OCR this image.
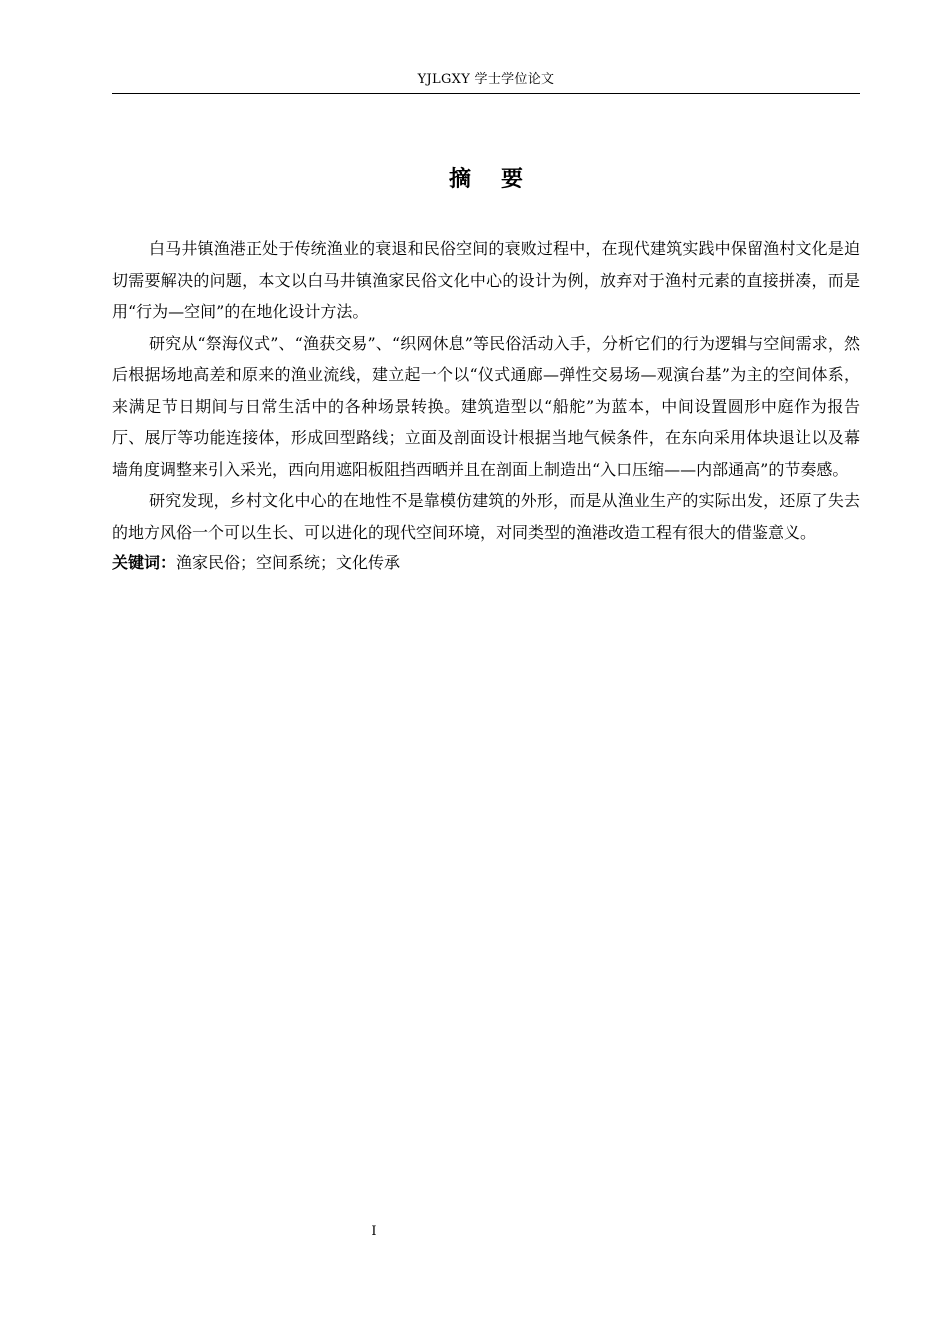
YJLGXY 学士学位论文
摘要

白马井镇渔港正处于传统渔业的衰退和民俗空间的衰败过程中，在现代建筑实践中保留渔村文化是迫切需要解决的问题，本文以白马井镇渔家民俗文化中心的设计为例，放弃对于渔村元素的直接拼凑，而是用“行为—空间”的在地化设计方法。

研究从“祭海仪式”、“渔获交易”、“织网休息”等民俗活动入手，分析它们的行为逻辑与空间需求，然后根据场地高差和原来的渔业流线，建立起一个以“仪式通廊—弹性交易场—观演台基”为主的空间体系，来满足节日期间与日常生活中的各种场景转换。建筑造型以“船舵”为蓝本，中间设置圆形中庭作为报告厅、展厅等功能连接体，形成回型路线；立面及剖面设计根据当地气候条件，在东向采用体块退让以及幕墙角度调整来引入采光，西向用遮阳板阻挡西晒并且在剖面上制造出“入口压缩——内部通高”的节奏感。

研究发现，乡村文化中心的在地性不是靠模仿建筑的外形，而是从渔业生产的实际出发，还原了失去的地方风俗一个可以生长、可以进化的现代空间环境，对同类型的渔港改造工程有很大的借鉴意义。

关键词：渔家民俗；空间系统；文化传承

I
